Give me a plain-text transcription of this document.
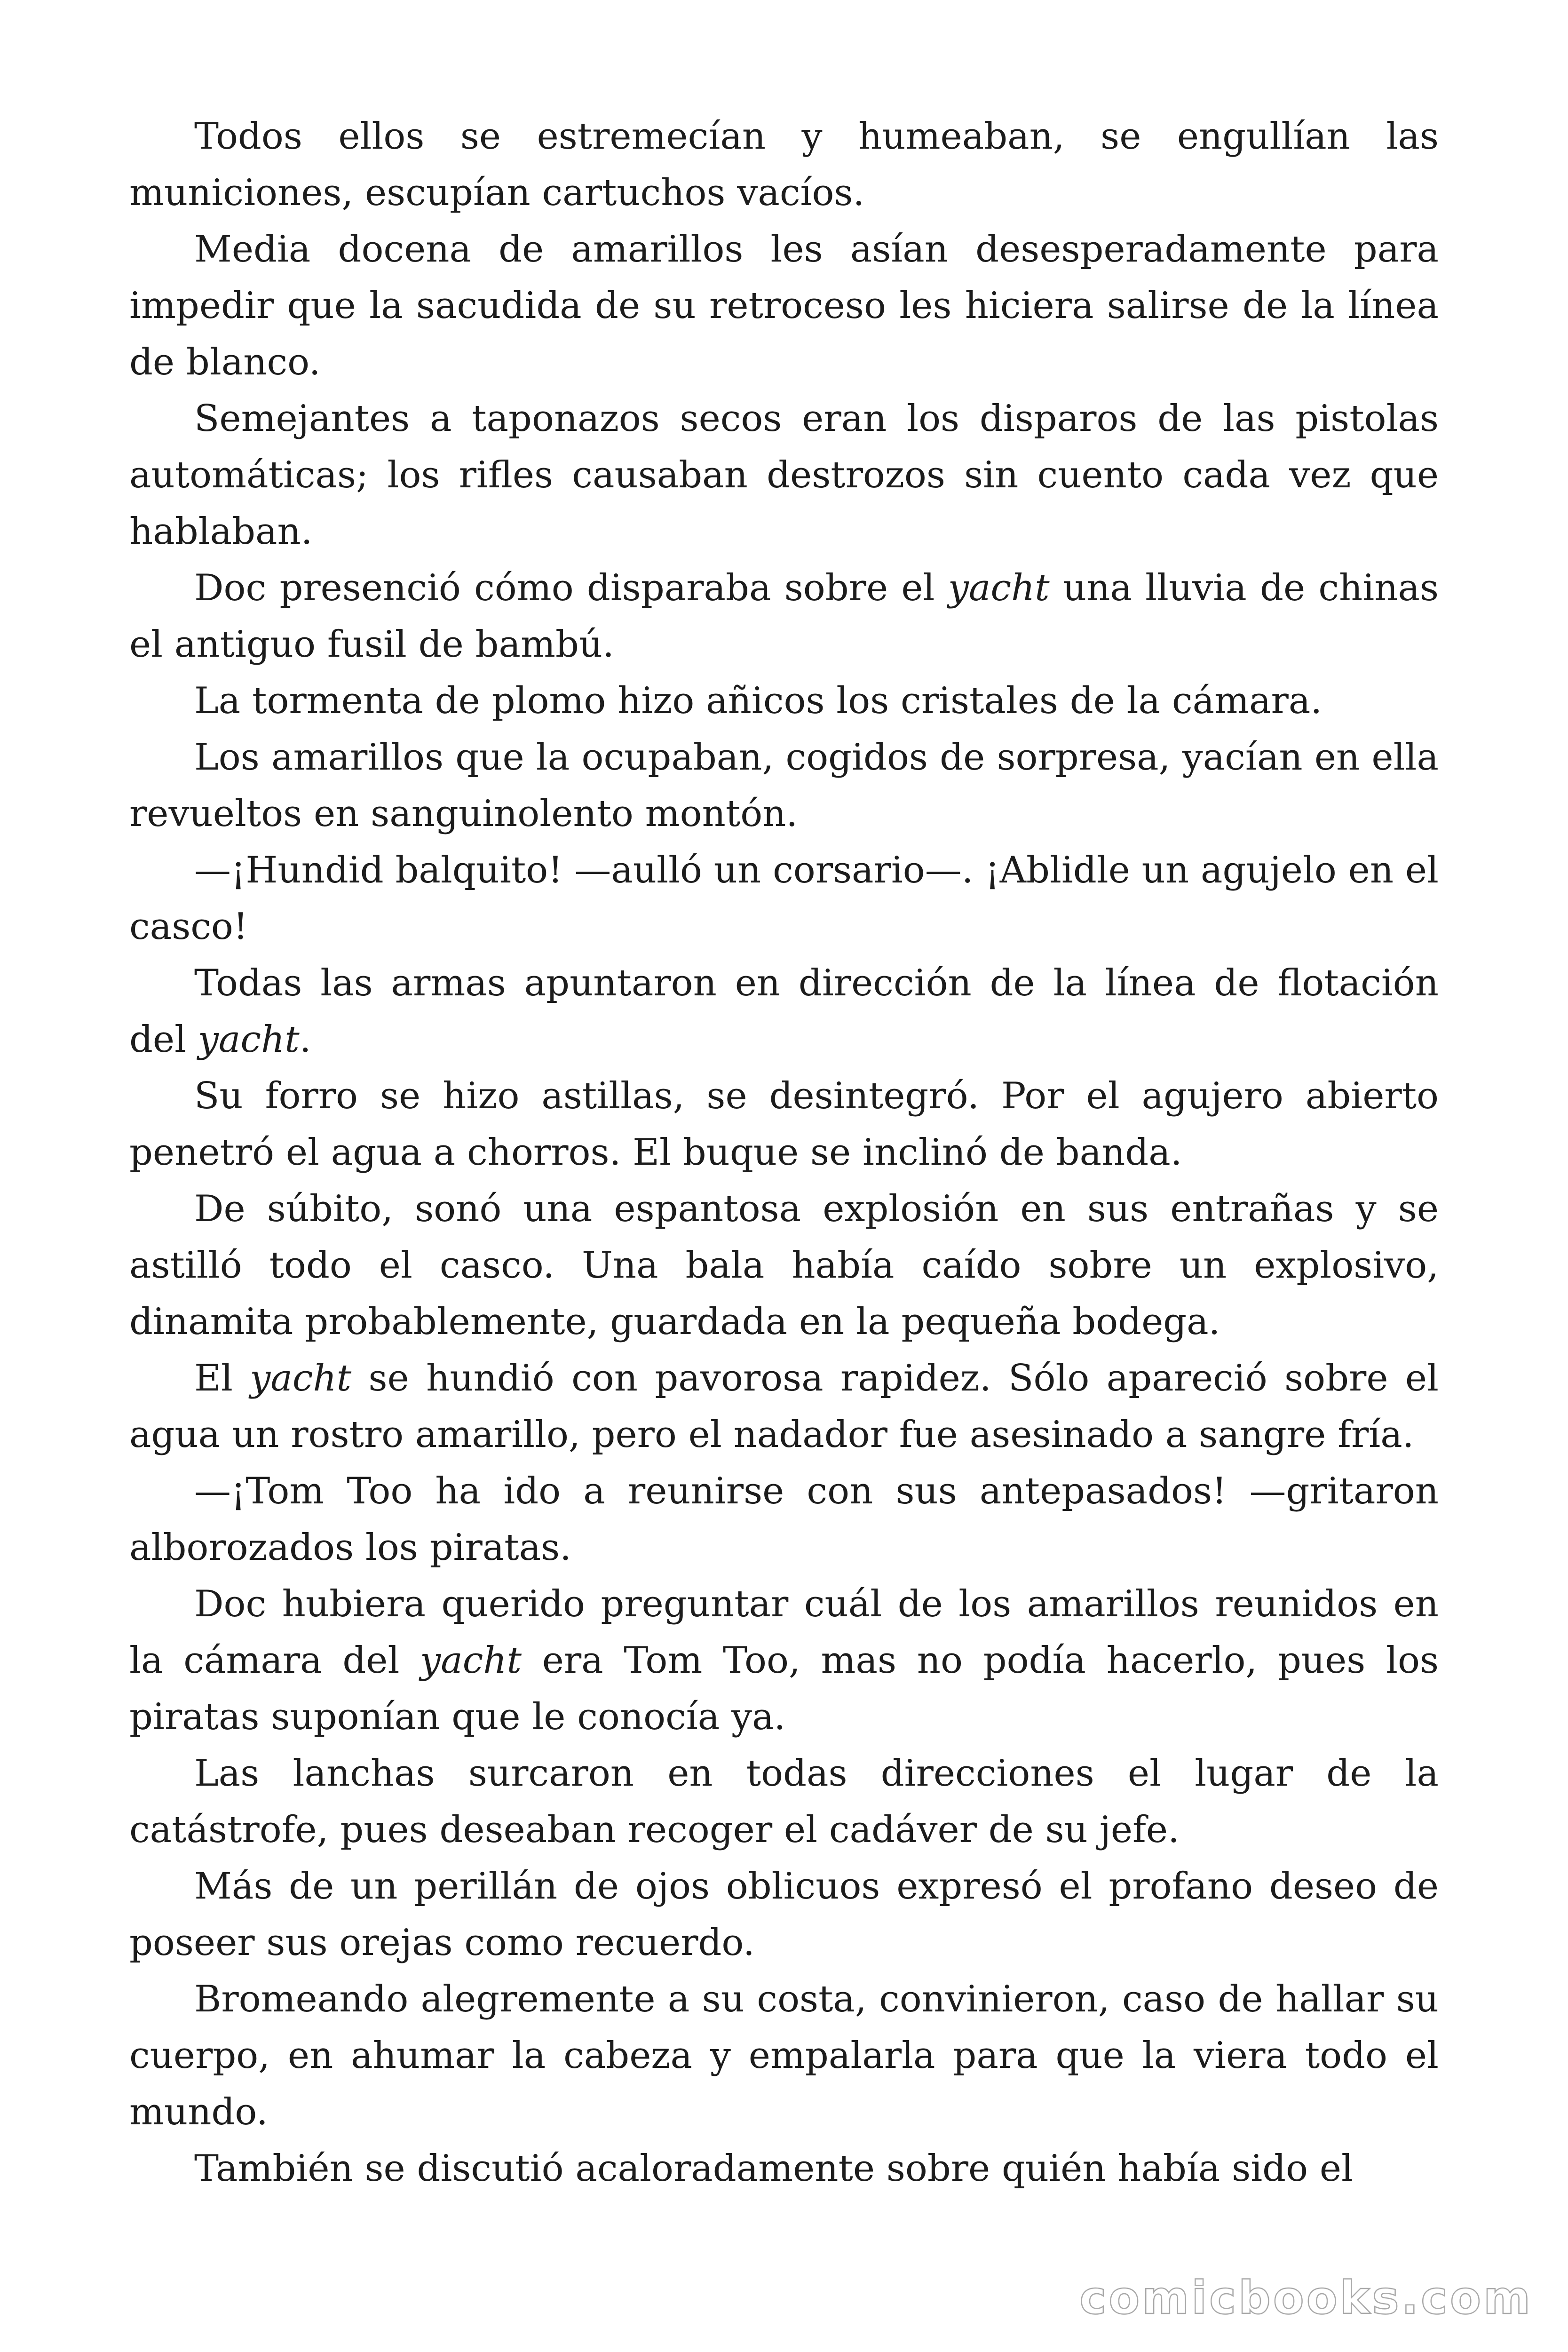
Todos ellos se estremecían y humeaban, se engullían las municiones, escupían cartuchos vacíos.

Media docena de amarillos les asían desesperadamente para impedir que la sacudida de su retroceso les hiciera salirse de la línea de blanco.

Semejantes a taponazos secos eran los disparos de las pistolas automáticas; los rifles causaban destrozos sin cuento cada vez que hablaban.

Doc presenció cómo disparaba sobre el yacht una lluvia de chinas el antiguo fusil de bambú.

La tormenta de plomo hizo añicos los cristales de la cámara.

Los amarillos que la ocupaban, cogidos de sorpresa, yacían en ella revueltos en sanguinolento montón.

—¡Hundid balquito! —aulló un corsario—. ¡Ablidle un agujelo en el casco!

Todas las armas apuntaron en dirección de la línea de flotación del yacht.

Su forro se hizo astillas, se desintegró. Por el agujero abierto penetró el agua a chorros. El buque se inclinó de banda.

De súbito, sonó una espantosa explosión en sus entrañas y se astilló todo el casco. Una bala había caído sobre un explosivo, dinamita probablemente, guardada en la pequeña bodega.

El yacht se hundió con pavorosa rapidez. Sólo apareció sobre el agua un rostro amarillo, pero el nadador fue asesinado a sangre fría.

—¡Tom Too ha ido a reunirse con sus antepasados! —gritaron alborozados los piratas.

Doc hubiera querido preguntar cuál de los amarillos reunidos en la cámara del yacht era Tom Too, mas no podía hacerlo, pues los piratas suponían que le conocía ya.

Las lanchas surcaron en todas direcciones el lugar de la catástrofe, pues deseaban recoger el cadáver de su jefe.

Más de un perillán de ojos oblicuos expresó el profano deseo de poseer sus orejas como recuerdo.

Bromeando alegremente a su costa, convinieron, caso de hallar su cuerpo, en ahumar la cabeza y empalarla para que la viera todo el mundo.

También se discutió acaloradamente sobre quién había sido el

comicbooks.com
